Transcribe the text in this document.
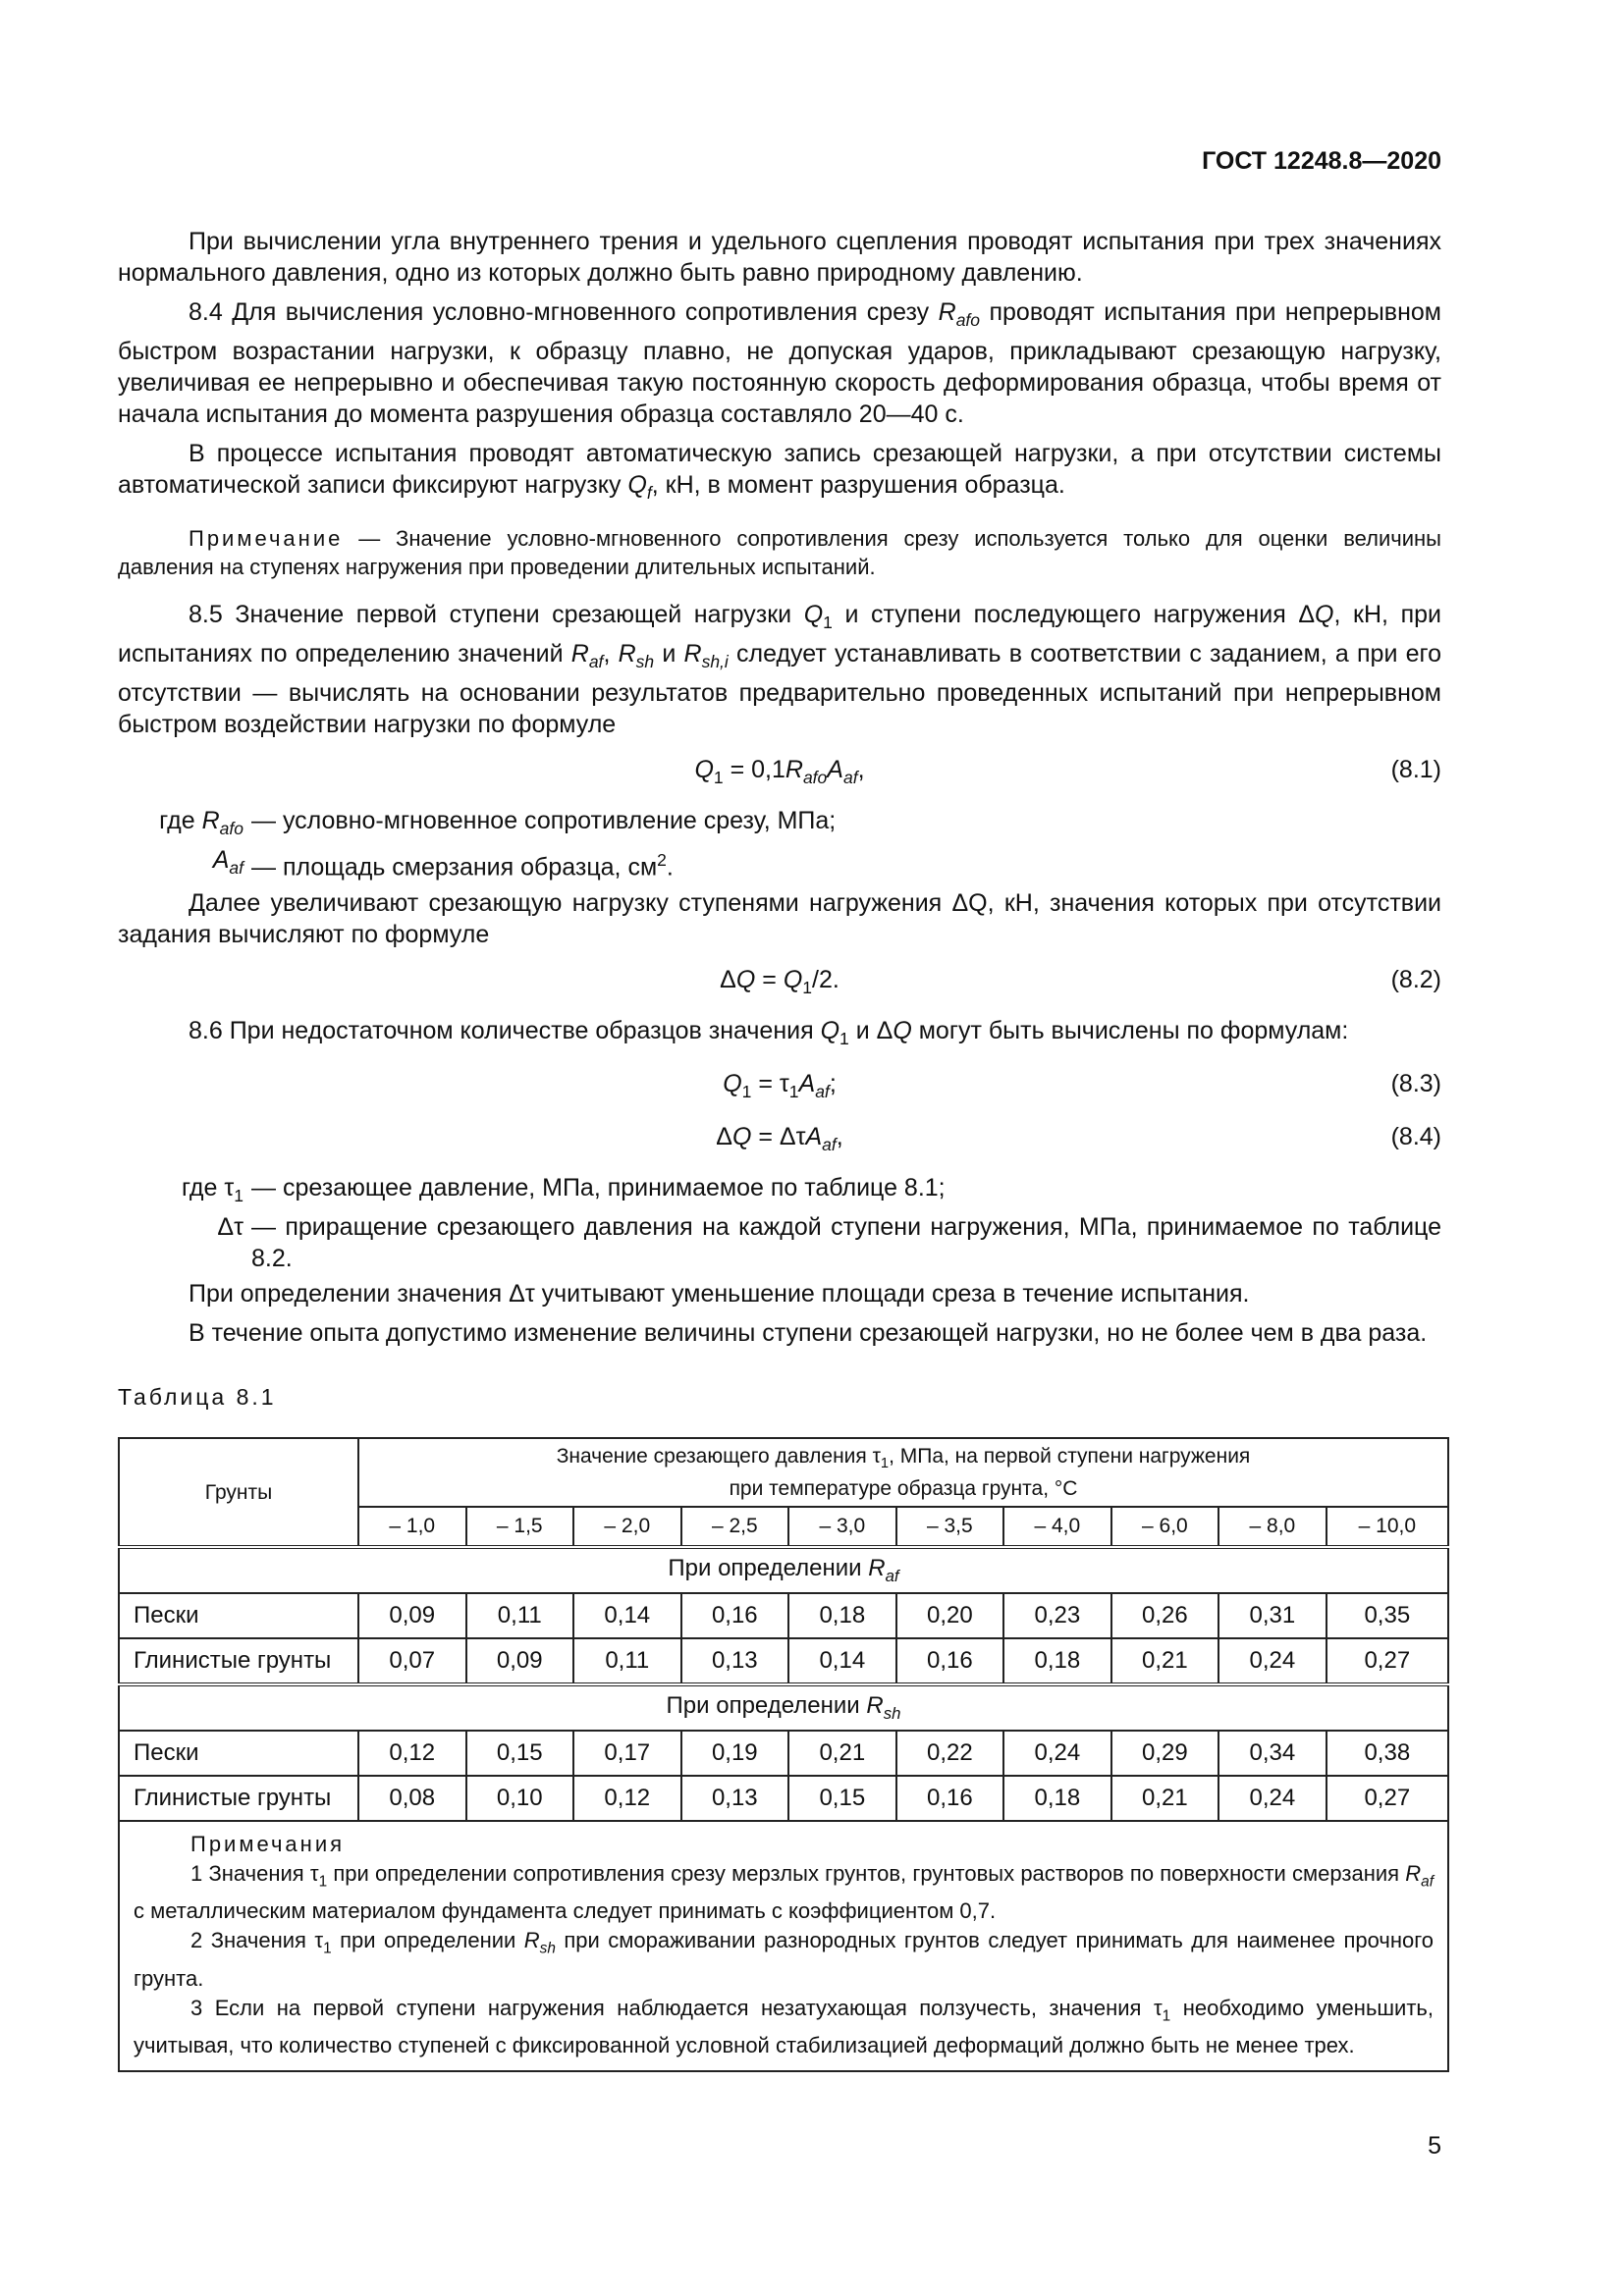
ГОСТ 12248.8—2020

При вычислении угла внутреннего трения и удельного сцепления проводят испытания при трех значениях нормального давления, одно из которых должно быть равно природному давлению.

8.4 Для вычисления условно-мгновенного сопротивления срезу $R_{afo}$ проводят испытания при непрерывном быстром возрастании нагрузки, к образцу плавно, не допуская ударов, прикладывают срезающую нагрузку, увеличивая ее непрерывно и обеспечивая такую постоянную скорость деформирования образца, чтобы время от начала испытания до момента разрушения образца составляло 20—40 с.

В процессе испытания проводят автоматическую запись срезающей нагрузки, а при отсутствии системы автоматической записи фиксируют нагрузку $Q_f$, кН, в момент разрушения образца.

Примечание — Значение условно-мгновенного сопротивления срезу используется только для оценки величины давления на ступенях нагружения при проведении длительных испытаний.

8.5 Значение первой ступени срезающей нагрузки $Q_1$ и ступени последующего нагружения ΔQ, кН, при испытаниях по определению значений $R_{af}$, $R_{sh}$ и $R_{sh,i}$ следует устанавливать в соответствии с заданием, а при его отсутствии — вычислять на основании результатов предварительно проведенных испытаний при непрерывном быстром воздействии нагрузки по формуле

$Q_1 = 0,1R_{afo}A_{af}$,	(8.1)
где $R_{afo}$ — условно-мгновенное сопротивление срезу, МПа;
$A_{af}$ — площадь смерзания образца, $см^2$.

Далее увеличивают срезающую нагрузку ступенями нагружения ΔQ, кН, значения которых при отсутствии задания вычисляют по формуле

$\Delta Q = Q_1/2$.	(8.2)

8.6 При недостаточном количестве образцов значения $Q_1$ и ΔQ могут быть вычислены по формулам:

$Q_1 = \tau_1A_{af}$;	(8.3)
ΔQ = ΔτA$_{af}$,	(8.4)
где $\tau_1$ — срезающее давление, МПа, принимаемое по таблице 8.1;
Δτ — приращение срезающего давления на каждой ступени нагружения, МПа, принимаемое по таблице 8.2.

При определении значения Δτ учитывают уменьшение площади среза в течение испытания.

В течение опыта допустимо изменение величины ступени срезающей нагрузки, но не более чем в два раза.

Таблица 8.1
Грунты	Значение срезающего давления $\tau_1$, МПа, на первой ступени нагружения
при температуре образца грунта, °С									
	– 1,0	– 1,5	– 2,0	– 2,5	– 3,0	– 3,5	– 4,0	– 6,0	– 8,0	– 10,0
При определении $R_{af}$
Пески	0,09	0,11	0,14	0,16	0,18	0,20	0,23	0,26	0,31	0,35
Глинистые грунты	0,07	0,09	0,11	0,13	0,14	0,16	0,18	0,21	0,24	0,27
При определении $R_{sh}$
Пески	0,12	0,15	0,17	0,19	0,21	0,22	0,24	0,29	0,34	0,38
Глинистые грунты	0,08	0,10	0,12	0,13	0,15	0,16	0,18	0,21	0,24	0,27

Примечания
1 Значения $\tau_1$ при определении сопротивления срезу мерзлых грунтов, грунтовых растворов по поверхности смерзания $R_{af}$ с металлическим материалом фундамента следует принимать с коэффициентом 0,7.
2 Значения $\tau_1$ при определении $R_{sh}$ при смораживании разнородных грунтов следует принимать для наименее прочного грунта.
3 Если на первой ступени нагружения наблюдается незатухающая ползучесть, значения $\tau_1$ необходимо уменьшить, учитывая, что количество ступеней с фиксированной условной стабилизацией деформаций должно быть не менее трех.										
5
